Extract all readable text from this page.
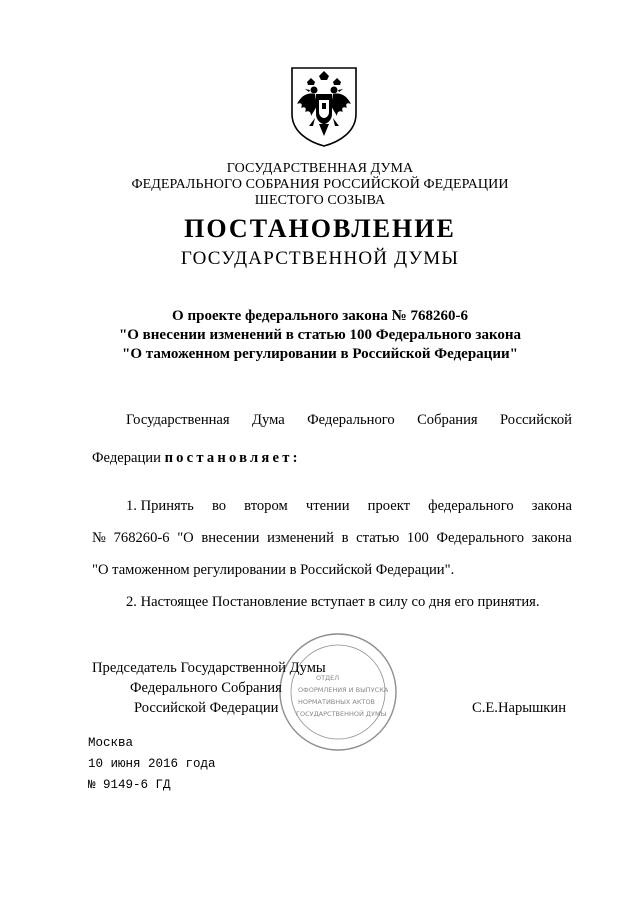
ГОСУДАРСТВЕННАЯ ДУМА
ФЕДЕРАЛЬНОГО СОБРАНИЯ РОССИЙСКОЙ ФЕДЕРАЦИИ
ШЕСТОГО СОЗЫВА
ПОСТАНОВЛЕНИЕ
ГОСУДАРСТВЕННОЙ ДУМЫ
О проекте федерального закона № 768260-6
"О внесении изменений в статью 100 Федерального закона
"О таможенном регулировании в Российской Федерации"
Государственная Дума Федерального Собрания Российской
Федерации постановляет:
1. Принять во втором чтении проект федерального закона
№ 768260-6 "О внесении изменений в статью 100 Федерального закона
"О таможенном регулировании в Российской Федерации".
2. Настоящее Постановление вступает в силу со дня его принятия.
ОТДЕЛ
ОФОРМЛЕНИЯ И ВЫПУСКА
НОРМАТИВНЫХ АКТОВ
ГОСУДАРСТВЕННОЙ ДУМЫ
Председатель Государственной Думы
Федерального Собрания
Российской Федерации	С.Е.Нарышкин
Москва
10 июня 2016 года
№ 9149-6 ГД
